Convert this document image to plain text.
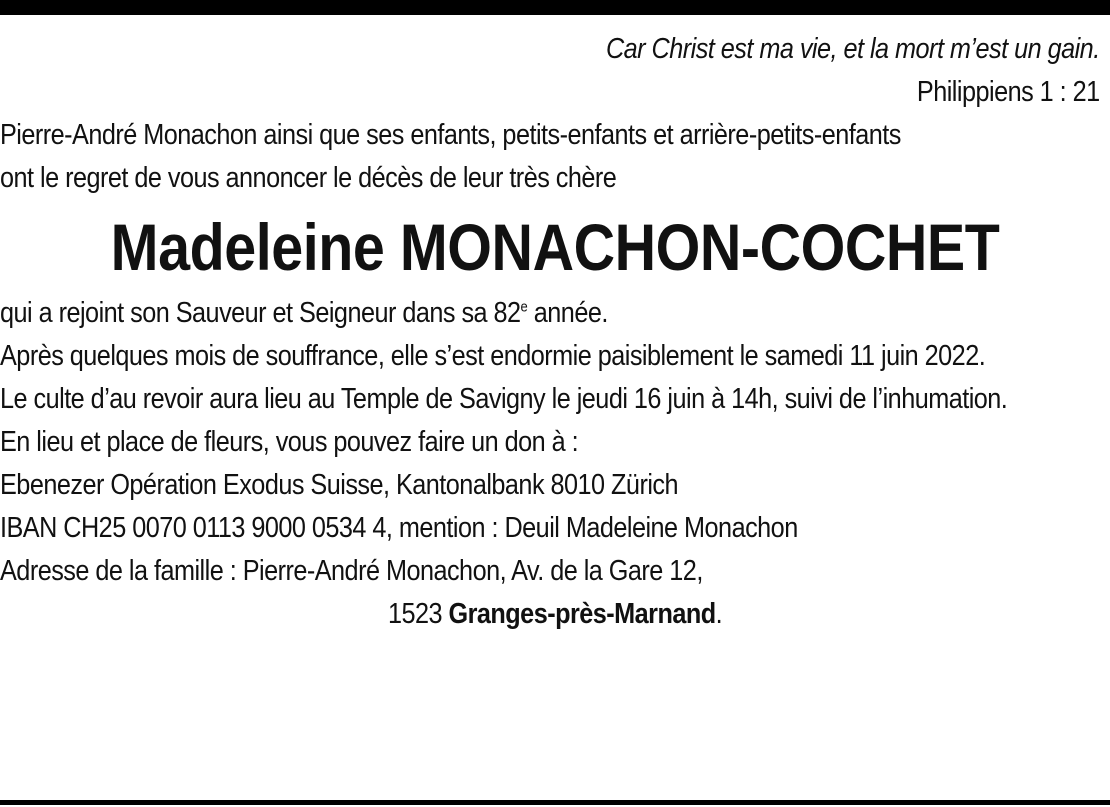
Car Christ est ma vie, et la mort m’est un gain.
Philippiens 1 : 21
Pierre-André Monachon ainsi que ses enfants, petits-enfants et arrière-petits-enfants
ont le regret de vous annoncer le décès de leur très chère
Madeleine MONACHON-COCHET
qui a rejoint son Sauveur et Seigneur dans sa 82e année.
Après quelques mois de souffrance, elle s’est endormie paisiblement le samedi 11 juin 2022.
Le culte d’au revoir aura lieu au Temple de Savigny le jeudi 16 juin à 14h, suivi de l’inhumation.
En lieu et place de fleurs, vous pouvez faire un don à :
Ebenezer Opération Exodus Suisse, Kantonalbank 8010 Zürich
IBAN CH25 0070 0113 9000 0534 4, mention : Deuil Madeleine Monachon
Adresse de la famille : Pierre-André Monachon, Av. de la Gare 12,
1523 Granges-près-Marnand.
